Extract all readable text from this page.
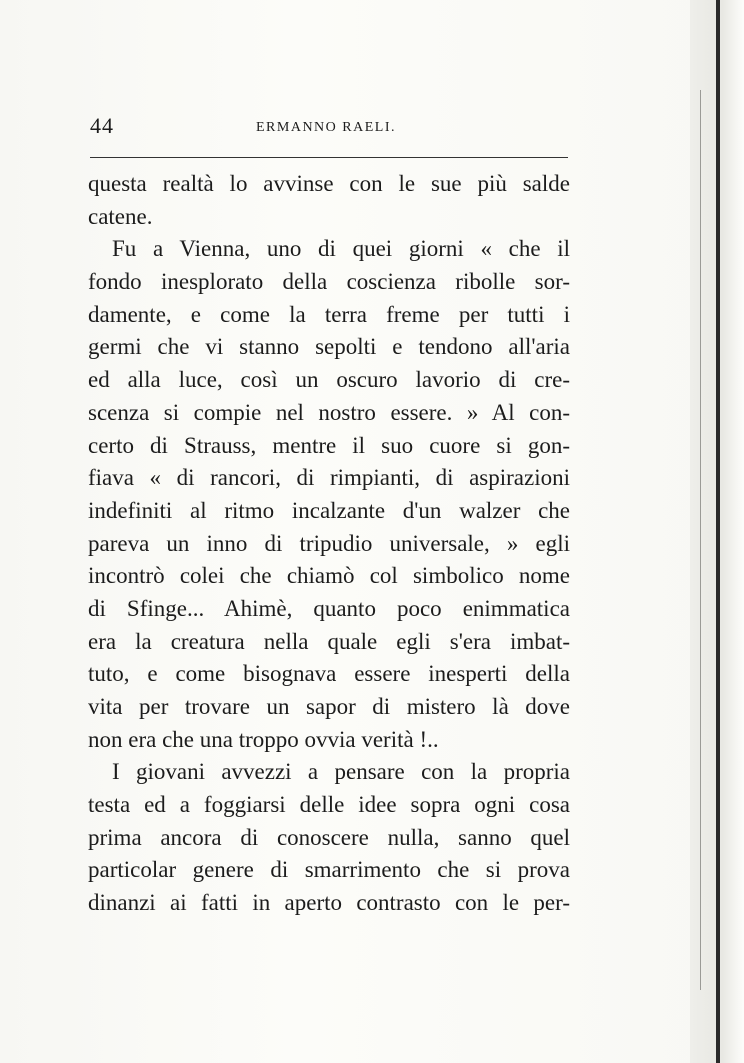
44	ERMANNO RAELI.
questa realtà lo avvinse con le sue più salde
catene.
Fu a Vienna, uno di quei giorni « che il
fondo inesplorato della coscienza ribolle sor-
damente, e come la terra freme per tutti i
germi che vi stanno sepolti e tendono all'aria
ed alla luce, così un oscuro lavorio di cre-
scenza si compie nel nostro essere. » Al con-
certo di Strauss, mentre il suo cuore si gon-
fiava « di rancori, di rimpianti, di aspirazioni
indefiniti al ritmo incalzante d'un walzer che
pareva un inno di tripudio universale, » egli
incontrò colei che chiamò col simbolico nome
di Sfinge... Ahimè, quanto poco enimmatica
era la creatura nella quale egli s'era imbat-
tuto, e come bisognava essere inesperti della
vita per trovare un sapor di mistero là dove
non era che una troppo ovvia verità !..
I giovani avvezzi a pensare con la propria
testa ed a foggiarsi delle idee sopra ogni cosa
prima ancora di conoscere nulla, sanno quel
particolar genere di smarrimento che si prova
dinanzi ai fatti in aperto contrasto con le per-
